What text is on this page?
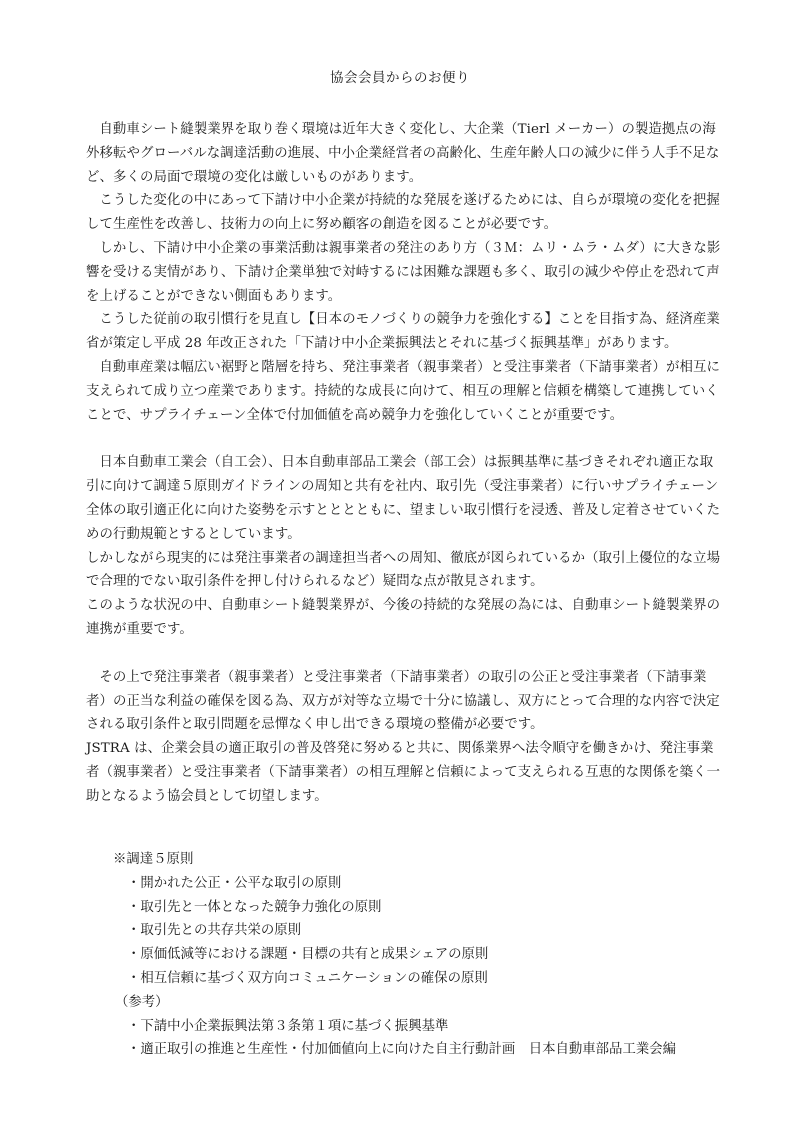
協会会員からのお便り

自動車シート縫製業界を取り巻く環境は近年大きく変化し、大企業（Tierl メーカー）の製造拠点の海外移転やグローバルな調達活動の進展、中小企業経営者の高齢化、生産年齢人口の減少に伴う人手不足など、多くの局面で環境の変化は厳しいものがあります。

こうした変化の中にあって下請け中小企業が持続的な発展を遂げるためには、自らが環境の変化を把握して生産性を改善し、技術力の向上に努め顧客の創造を図ることが必要です。

しかし、下請け中小企業の事業活動は親事業者の発注のあり方（３Ｍ：ムリ・ムラ・ムダ）に大きな影響を受ける実情があり、下請け企業単独で対峙するには困難な課題も多く、取引の減少や停止を恐れて声を上げることができない側面もあります。

こうした従前の取引慣行を見直し【日本のモノづくりの競争力を強化する】ことを目指す為、経済産業省が策定し平成 28 年改正された「下請け中小企業振興法とそれに基づく振興基準」があります。

自動車産業は幅広い裾野と階層を持ち、発注事業者（親事業者）と受注事業者（下請事業者）が相互に支えられて成り立つ産業であります。持続的な成長に向けて、相互の理解と信頼を構築して連携していくことで、サプライチェーン全体で付加価値を高め競争力を強化していくことが重要です。

日本自動車工業会（自工会）、日本自動車部品工業会（部工会）は振興基準に基づきそれぞれ適正な取引に向けて調達５原則ガイドラインの周知と共有を社内、取引先（受注事業者）に行いサプライチェーン全体の取引適正化に向けた姿勢を示すとととともに、望ましい取引慣行を浸透、普及し定着させていくための行動規範とするとしています。

しかしながら現実的には発注事業者の調達担当者への周知、徹底が図られているか（取引上優位的な立場で合理的でない取引条件を押し付けられるなど）疑問な点が散見されます。

このような状況の中、自動車シート縫製業界が、今後の持続的な発展の為には、自動車シート縫製業界の連携が重要です。

その上で発注事業者（親事業者）と受注事業者（下請事業者）の取引の公正と受注事業者（下請事業者）の正当な利益の確保を図る為、双方が対等な立場で十分に協議し、双方にとって合理的な内容で決定される取引条件と取引問題を忌憚なく申し出できる環境の整備が必要です。

JSTRA は、企業会員の適正取引の普及啓発に努めると共に、関係業界へ法令順守を働きかけ、発注事業者（親事業者）と受注事業者（下請事業者）の相互理解と信頼によって支えられる互恵的な関係を築く一助となるよう協会員として切望します。

※調達５原則

・開かれた公正・公平な取引の原則

・取引先と一体となった競争力強化の原則

・取引先との共存共栄の原則

・原価低減等における課題・目標の共有と成果シェアの原則

・相互信頼に基づく双方向コミュニケーションの確保の原則

（参考）

・下請中小企業振興法第３条第１項に基づく振興基準

・適正取引の推進と生産性・付加価値向上に向けた自主行動計画　日本自動車部品工業会編
